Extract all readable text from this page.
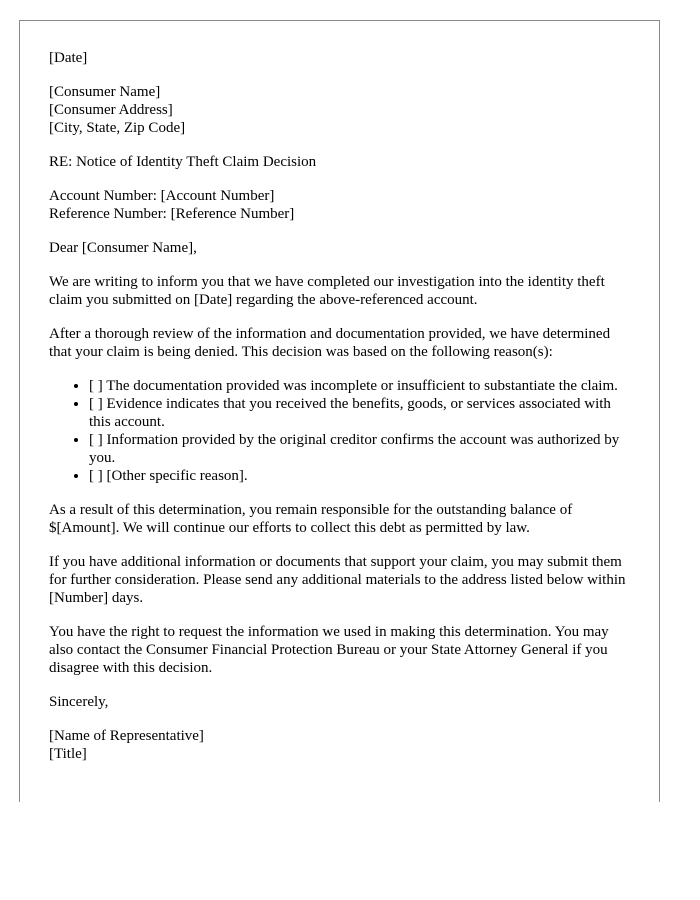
[Date]
[Consumer Name]
[Consumer Address]
[City, State, Zip Code]
RE: Notice of Identity Theft Claim Decision
Account Number: [Account Number]
Reference Number: [Reference Number]
Dear [Consumer Name],

We are writing to inform you that we have completed our investigation into the identity theft claim you submitted on [Date] regarding the above-referenced account.

After a thorough review of the information and documentation provided, we have determined that your claim is being denied. This decision was based on the following reason(s):

• [ ] The documentation provided was incomplete or insufficient to substantiate the claim.
• [ ] Evidence indicates that you received the benefits, goods, or services associated with this account.
• [ ] Information provided by the original creditor confirms the account was authorized by you.
• [ ] [Other specific reason].

As a result of this determination, you remain responsible for the outstanding balance of $[Amount]. We will continue our efforts to collect this debt as permitted by law.

If you have additional information or documents that support your claim, you may submit them for further consideration. Please send any additional materials to the address listed below within [Number] days.

You have the right to request the information we used in making this determination. You may also contact the Consumer Financial Protection Bureau or your State Attorney General if you disagree with this decision.

Sincerely,
[Name of Representative]
[Title]
